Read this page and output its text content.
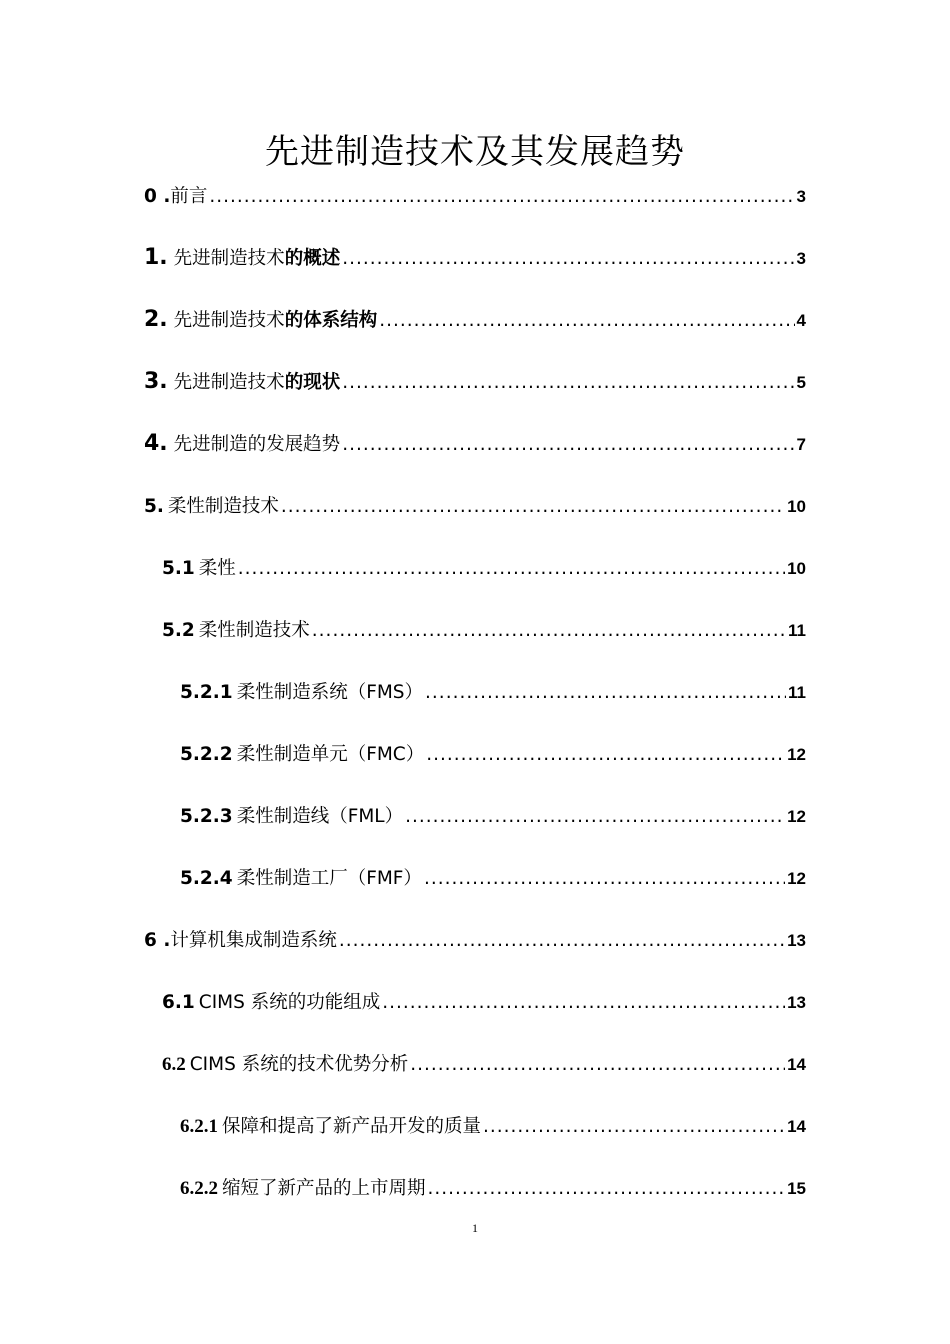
先进制造技术及其发展趋势
0 . 前言 .....	3
1. 先进制造技术 的概述 .....	3
2. 先进制造技术 的体系结构 .....	4
3. 先进制造技术 的现状 .....	5
4. 先进制造的发展趋势 .....	7
5. 柔性制造技术 .....	10
5.1 柔性 .....	10
5.2 柔性制造技术 .....	11
5.2.1 柔性制造系统（FMS） .....	11
5.2.2 柔性制造单元（FMC） .....	12
5.2.3 柔性制造线（FML） .....	12
5.2.4 柔性制造工厂（FMF） .....	12
6 . 计算机集成制造系统 .....	13
6.1 CIMS 系统的功能组成 .....	13
6.2 CIMS 系统的技术优势分析 .....	14
6.2.1 保障和提高了新产品开发的质量 .....	14
6.2.2 缩短了新产品的上市周期 .....	15
1
